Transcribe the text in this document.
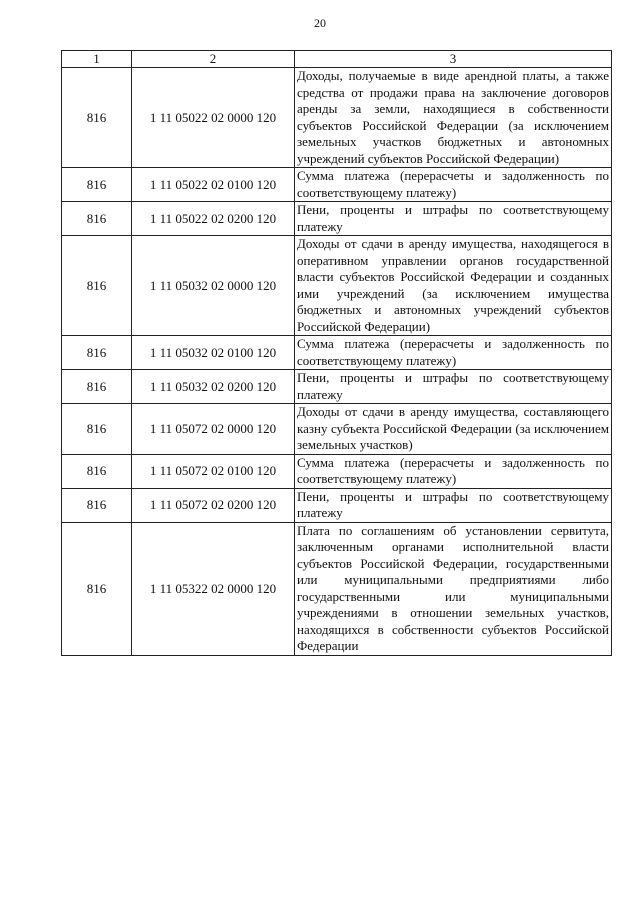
20
1	2	3
816	1 11 05022 02 0000 120	Доходы, получаемые в виде арендной платы, а также средства от продажи права на заключение договоров аренды за земли, находящиеся в собственности субъектов Российской Федерации (за исключением земельных участков бюджетных и автономных учреждений субъектов Российской Федерации)
816	1 11 05022 02 0100 120	Сумма платежа (перерасчеты и задолженность по соответствующему платежу)
816	1 11 05022 02 0200 120	Пени, проценты и штрафы по соответствующему платежу
816	1 11 05032 02 0000 120	Доходы от сдачи в аренду имущества, находящегося в оперативном управлении органов государственной власти субъектов Российской Федерации и созданных ими учреждений (за исключением имущества бюджетных и автономных учреждений субъектов Российской Федерации)
816	1 11 05032 02 0100 120	Сумма платежа (перерасчеты и задолженность по соответствующему платежу)
816	1 11 05032 02 0200 120	Пени, проценты и штрафы по соответствующему платежу
816	1 11 05072 02 0000 120	Доходы от сдачи в аренду имущества, составляющего казну субъекта Российской Федерации (за исключением земельных участков)
816	1 11 05072 02 0100 120	Сумма платежа (перерасчеты и задолженность по соответствующему платежу)
816	1 11 05072 02 0200 120	Пени, проценты и штрафы по соответствующему платежу
816	1 11 05322 02 0000 120	Плата по соглашениям об установлении сервитута, заключенным органами исполнительной власти субъектов Российской Федерации, государственными или муниципальными предприятиями либо государственными или муниципальными учреждениями в отношении земельных участков, находящихся в собственности субъектов Российской Федерации
